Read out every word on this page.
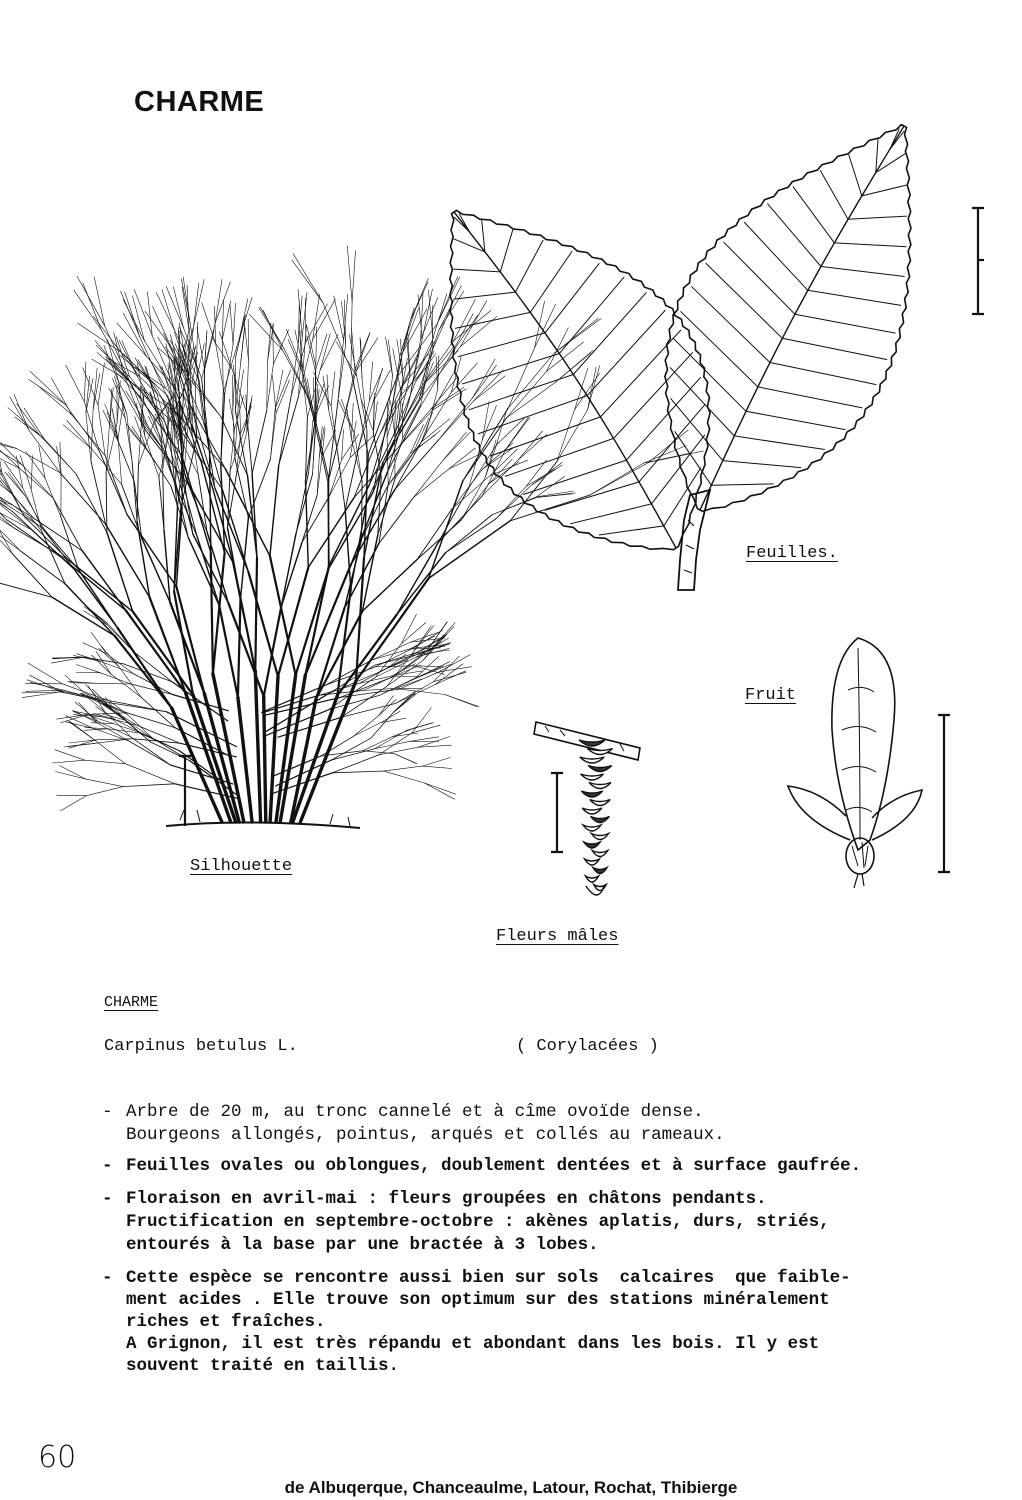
CHARME
Feuilles.
Silhouette
Fleurs mâles
Fruit
CHARME
Carpinus betulus L.	( Corylacées )
- Arbre de 20 m, au tronc cannelé et à cîme ovoïde dense.
Bourgeons allongés, pointus, arqués et collés au rameaux.
- Feuilles ovales ou oblongues, doublement dentées et à surface gaufrée.
- Floraison en avril-mai : fleurs groupées en châtons pendants.
Fructification en septembre-octobre : akènes aplatis, durs, striés,
entourés à la base par une bractée à 3 lobes.
- Cette espèce se rencontre aussi bien sur sols  calcaires  que faible-
ment acides . Elle trouve son optimum sur des stations minéralement
riches et fraîches.
A Grignon, il est très répandu et abondant dans les bois. Il y est
souvent traité en taillis.
60
de Albuqerque, Chanceaulme, Latour, Rochat, Thibierge
